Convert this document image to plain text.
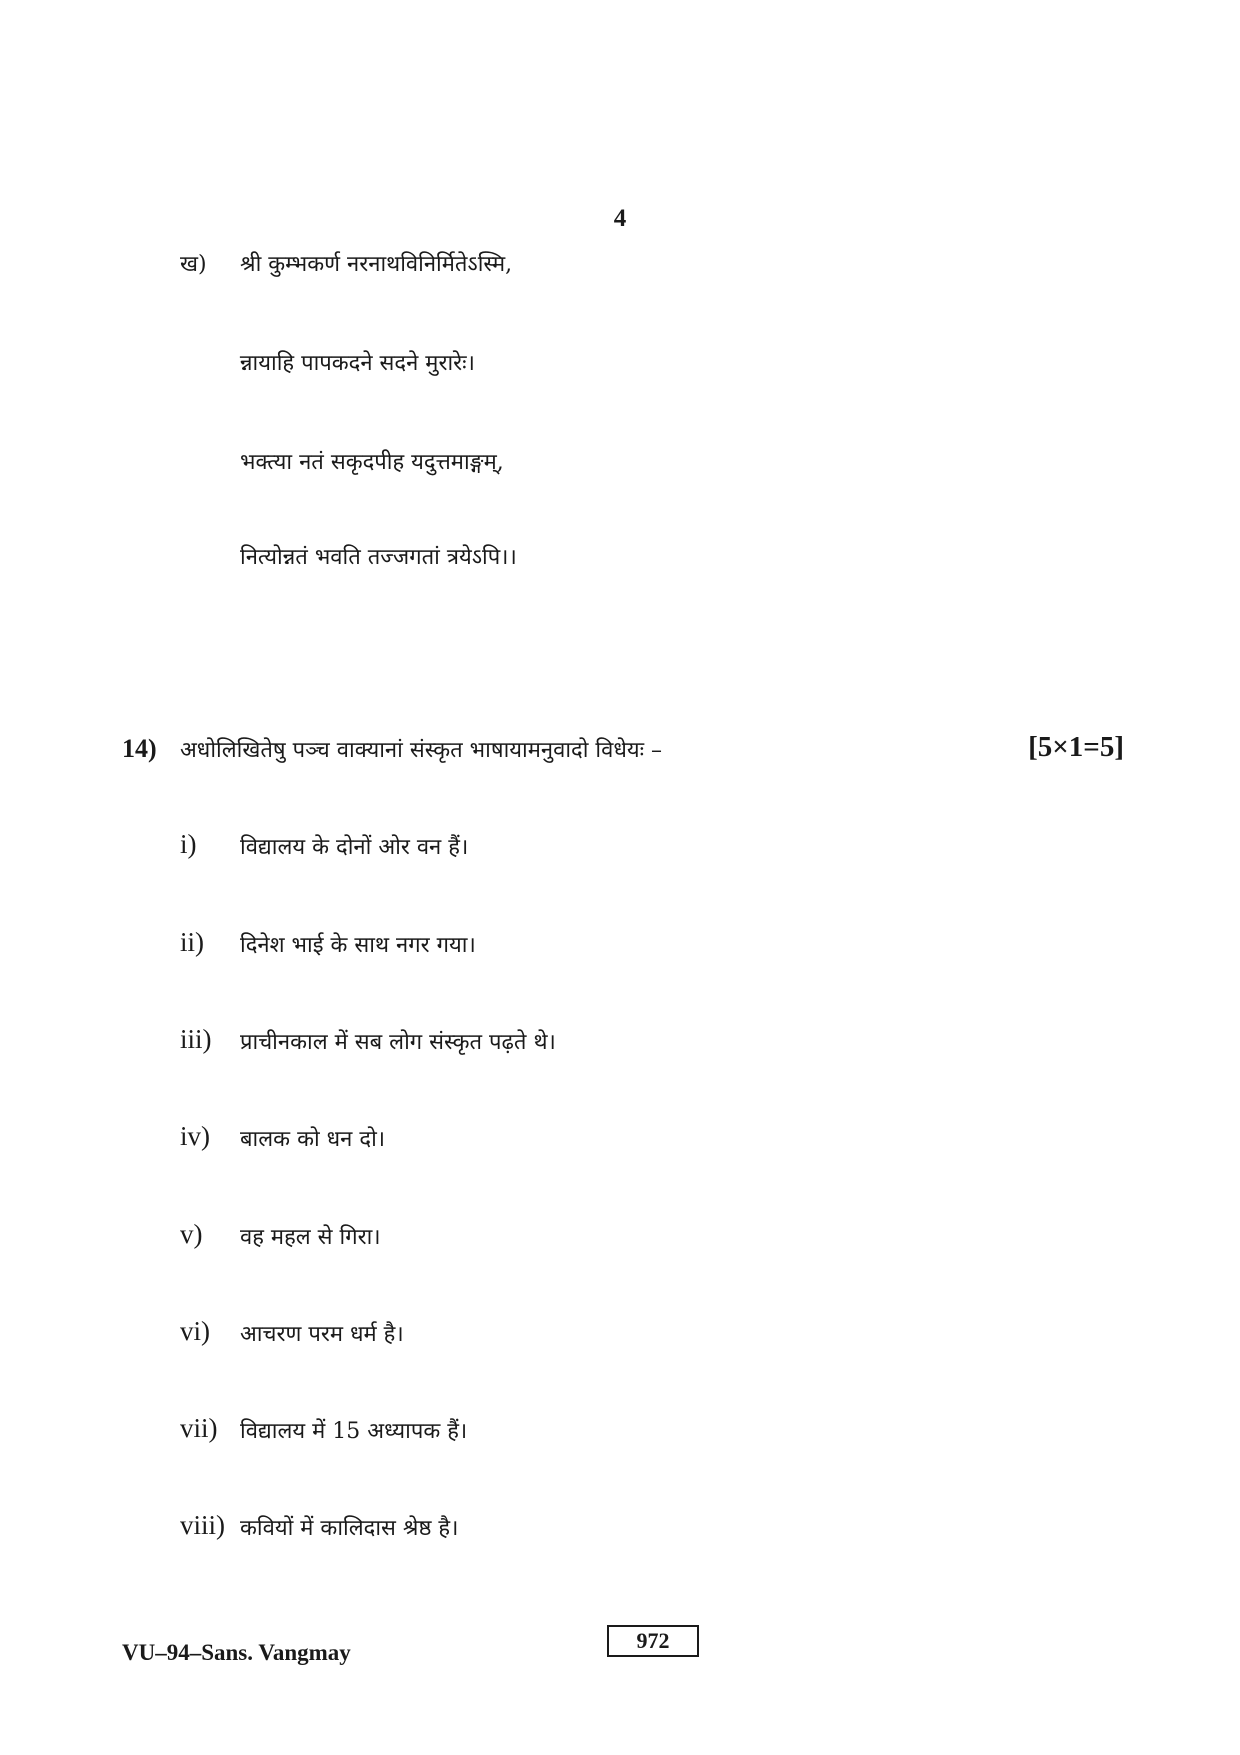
4
ख) श्री कुम्भकर्ण नरनाथविनिर्मितेऽस्मि,
न्नायाहि पापकदने सदने मुरारेः।
भक्त्या नतं सकृदपीह यदुत्तमाङ्गम्,
नित्योन्नतं भवति तज्जगतां त्रयेऽपि।।
14) अधोलिखितेषु पञ्च वाक्यानां संस्कृत भाषायामनुवादो विधेयः –	[5×1=5]
i) विद्यालय के दोनों ओर वन हैं।
ii) दिनेश भाई के साथ नगर गया।
iii) प्राचीनकाल में सब लोग संस्कृत पढ़ते थे।
iv) बालक को धन दो।
v) वह महल से गिरा।
vi) आचरण परम धर्म है।
vii) विद्यालय में 15 अध्यापक हैं।
viii) कवियों में कालिदास श्रेष्ठ है।
VU–94–Sans. Vangmay	972
